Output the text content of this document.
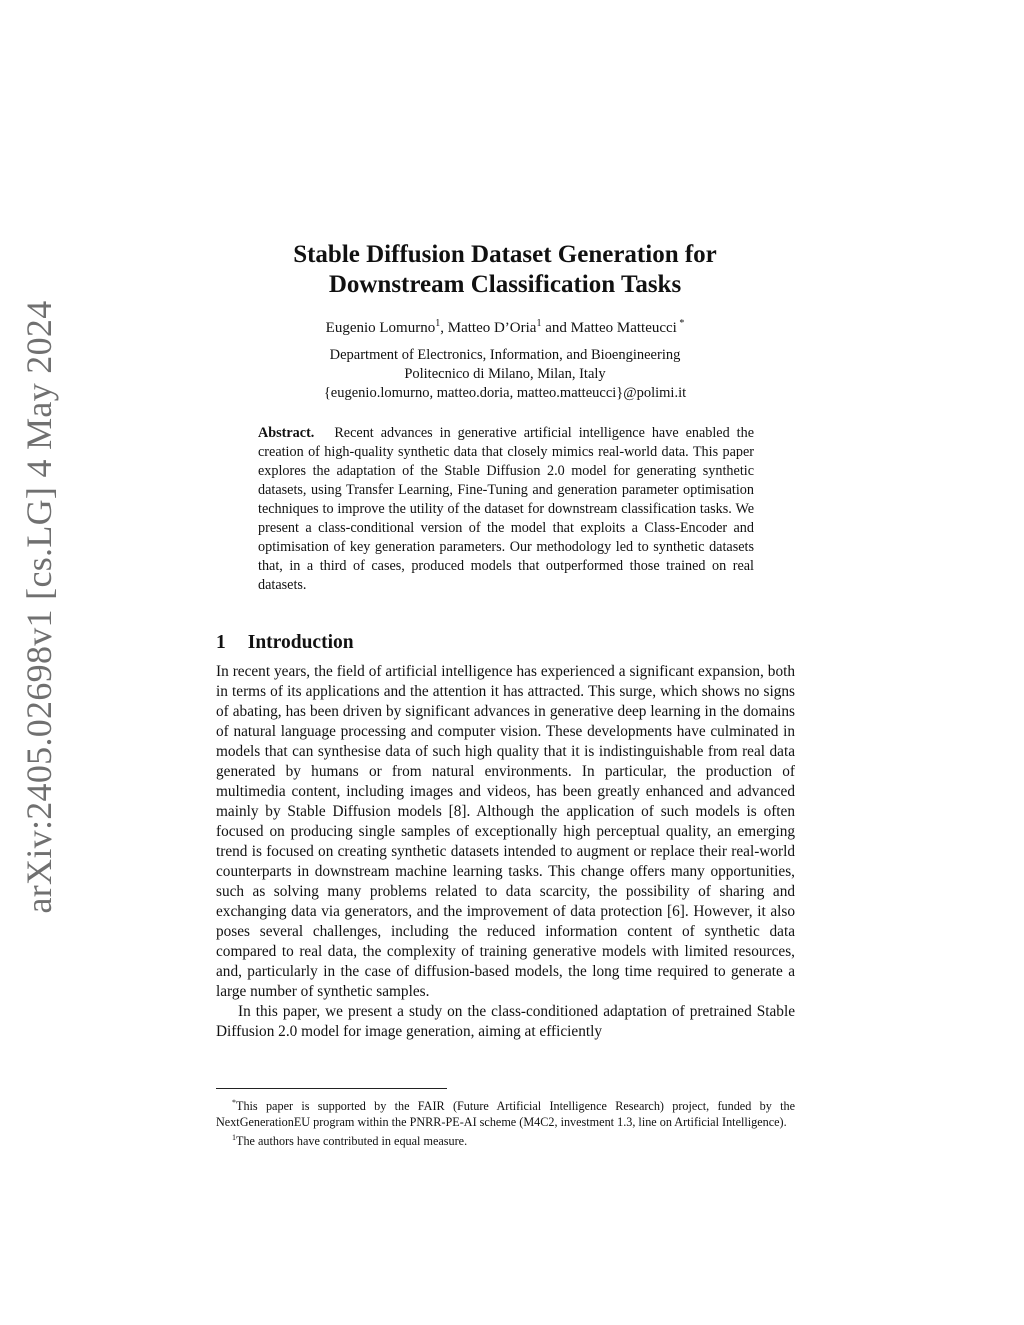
arXiv:2405.02698v1 [cs.LG] 4 May 2024
Stable Diffusion Dataset Generation for
Downstream Classification Tasks
Eugenio Lomurno$^1$, Matteo D’Oria$^1$ and Matteo Matteucci *
Department of Electronics, Information, and Bioengineering
Politecnico di Milano, Milan, Italy
{eugenio.lomurno, matteo.doria, matteo.matteucci}@polimi.it
Abstract. Recent advances in generative artificial intelligence have enabled the creation of high-quality synthetic data that closely mimics real-world data. This paper explores the adaptation of the Stable Diffusion 2.0 model for generating synthetic datasets, using Transfer Learning, Fine-Tuning and generation parameter optimisation techniques to improve the utility of the dataset for downstream classification tasks. We present a class-conditional version of the model that exploits a Class-Encoder and optimisation of key generation parameters. Our methodology led to synthetic datasets that, in a third of cases, produced models that outperformed those trained on real datasets.
1 Introduction

In recent years, the field of artificial intelligence has experienced a significant expansion, both in terms of its applications and the attention it has attracted. This surge, which shows no signs of abating, has been driven by significant advances in generative deep learning in the domains of natural language processing and computer vision. These developments have culminated in models that can synthesise data of such high quality that it is indistinguishable from real data generated by humans or from natural environments. In particular, the production of multimedia content, including images and videos, has been greatly enhanced and advanced mainly by Stable Diffusion models [8]. Although the application of such models is often focused on producing single samples of exceptionally high perceptual quality, an emerging trend is focused on creating synthetic datasets intended to augment or replace their real-world counterparts in downstream machine learning tasks. This change offers many opportunities, such as solving many problems related to data scarcity, the possibility of sharing and exchanging data via generators, and the improvement of data protection [6]. However, it also poses several challenges, including the reduced information content of synthetic data compared to real data, the complexity of training generative models with limited resources, and, particularly in the case of diffusion-based models, the long time required to generate a large number of synthetic samples.

In this paper, we present a study on the class-conditioned adaptation of pretrained Stable Diffusion 2.0 model for image generation, aiming at efficiently

*This paper is supported by the FAIR (Future Artificial Intelligence Research) project, funded by the NextGenerationEU program within the PNRR-PE-AI scheme (M4C2, investment 1.3, line on Artificial Intelligence).

$^1$The authors have contributed in equal measure.
